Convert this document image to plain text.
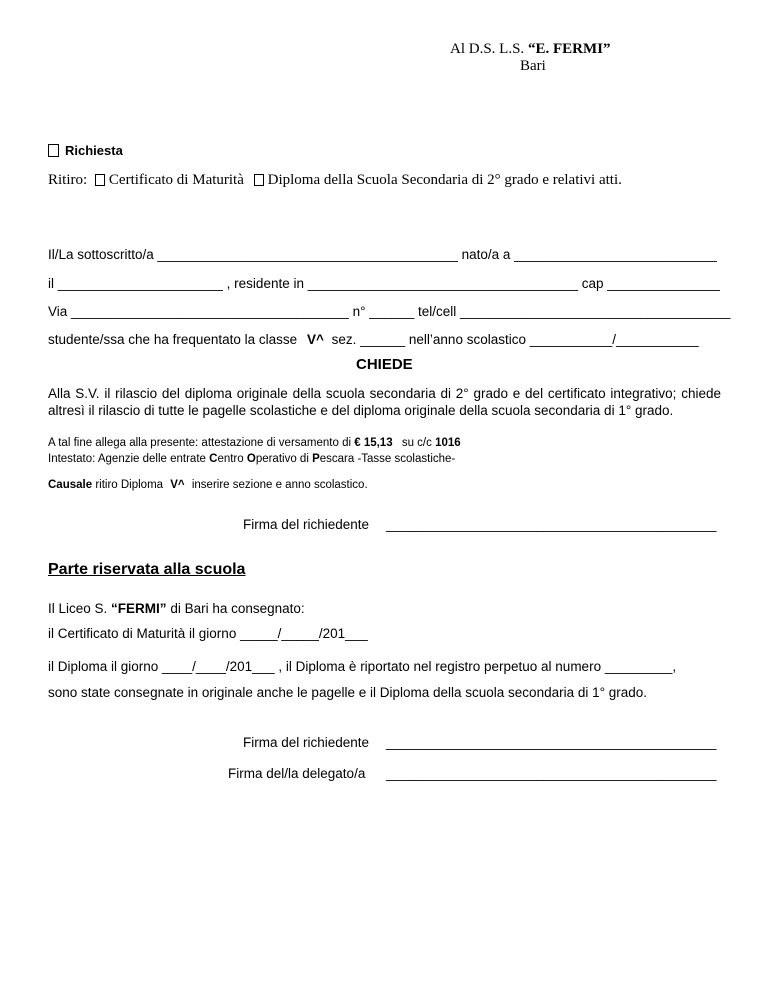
Al D.S. L.S. “E. FERMI”
Bari
Richiesta
Ritiro: Certificato di Maturità Diploma della Scuola Secondaria di 2° grado e relativi atti.
Il/La sottoscritto/a ________________________________________ nato/a a ___________________________
il ______________________ , residente in ____________________________________ cap _______________
Via _____________________________________ n° ______ tel/cell ____________________________________
studente/ssa che ha frequentato la classe V^ sez. ______ nell’anno scolastico ___________/___________
CHIEDE
Alla S.V. il rilascio del diploma originale della scuola secondaria di 2° grado e del certificato integrativo; chiede altresì il rilascio di tutte le pagelle scolastiche e del diploma originale della scuola secondaria di 1° grado.
A tal fine allega alla presente: attestazione di versamento di € 15,13 su c/c 1016
Intestato: Agenzie delle entrate Centro Operativo di Pescara -Tasse scolastiche-
Causale ritiro Diploma V^ inserire sezione e anno scolastico.
Firma del richiedente ____________________________________________
Parte riservata alla scuola
Il Liceo S. “FERMI” di Bari ha consegnato:
il Certificato di Maturità il giorno _____/_____/201___
il Diploma il giorno ____/____/201___ , il Diploma è riportato nel registro perpetuo al numero _________,
sono state consegnate in originale anche le pagelle e il Diploma della scuola secondaria di 1° grado.
Firma del richiedente ____________________________________________
Firma del/la delegato/a ____________________________________________
